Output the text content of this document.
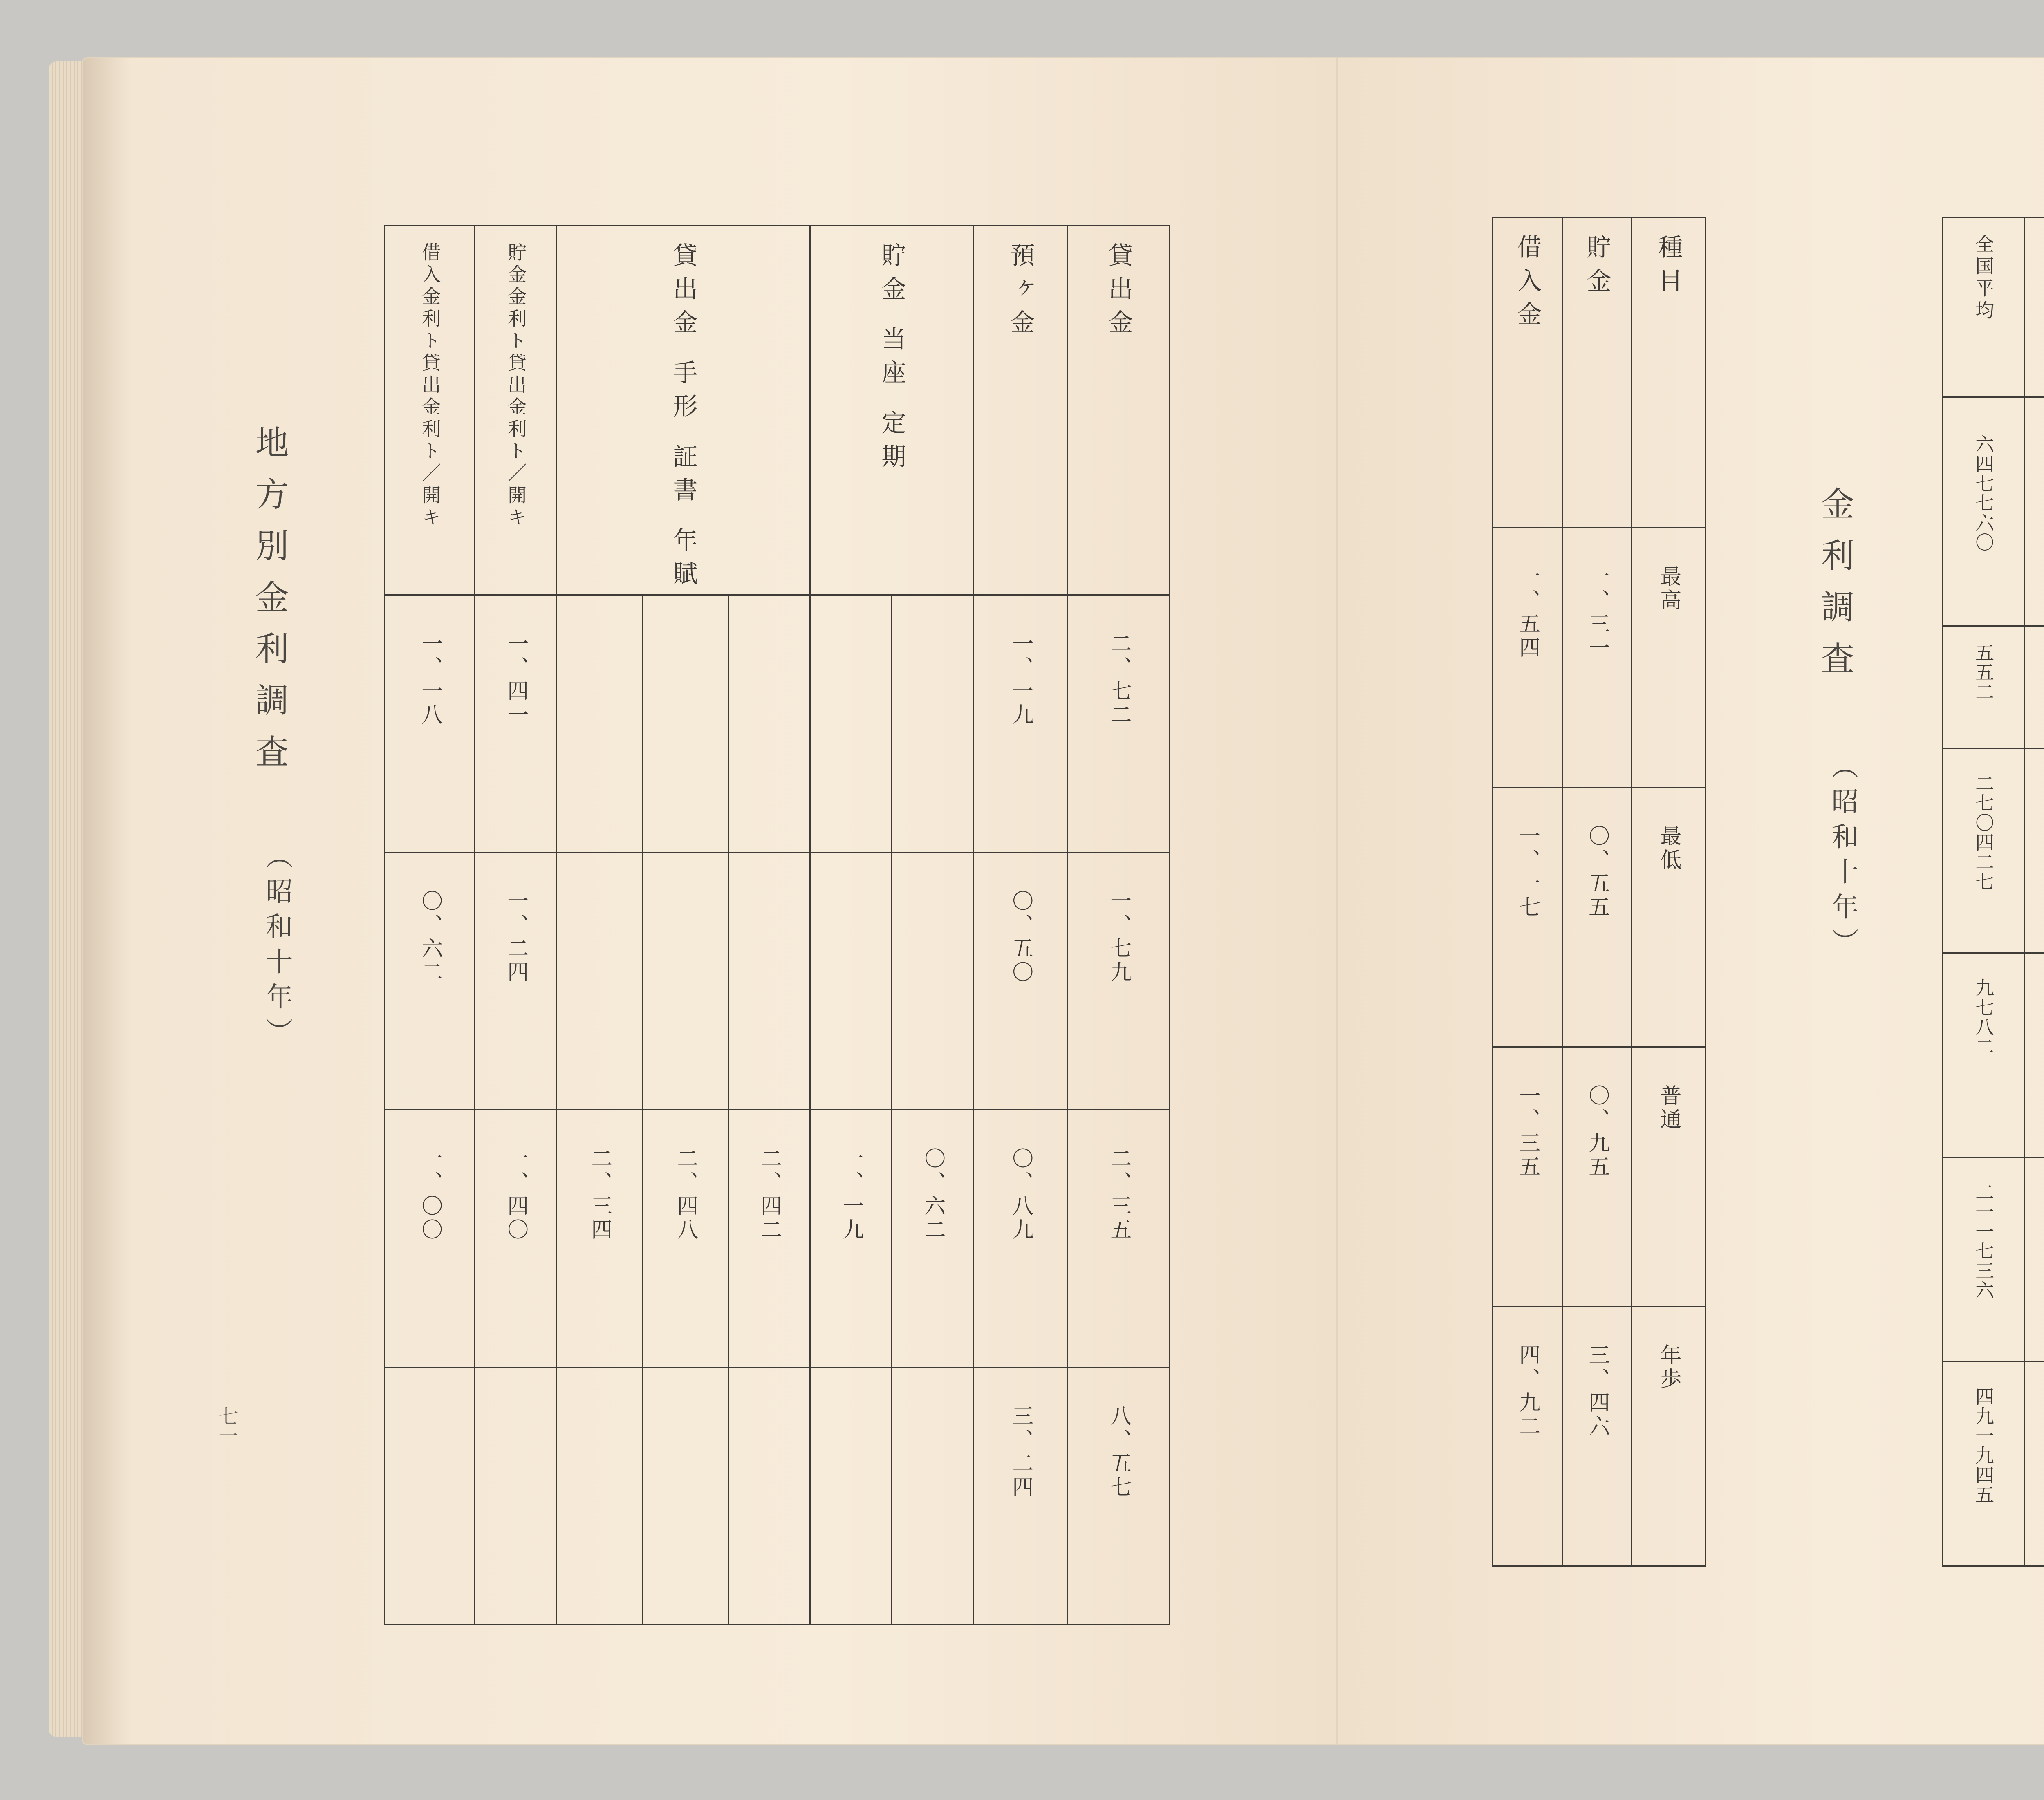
地方別金利調査
（昭和十年）
七一
借入金利ト貸出金利ト／開キ	貯金金利ト貸出金利ト／開キ	貸出金 手形 証書 年賦			貯金 当座 定期		預ヶ金	貸出金

一、一八	一、四一						一、一九	二、七二

〇、六二	一、二四						〇、五〇	一、七九

一、〇〇	一、四〇	二、三四	二、四八	二、四二	一、一九	〇、六二	〇、八九	二、三五

							三、二四	八、五七
借入金	貯金	種目

一、五四	一、三一	最高

一、一七	〇、五五	最低

一、三五	〇、九五	普通

四、九二	三、四六	年歩
金利調査
（昭和十年）
全国平均

六四七七六〇

五五二

二七〇四二七

九七八二

二一一七三六

四九一九四五
